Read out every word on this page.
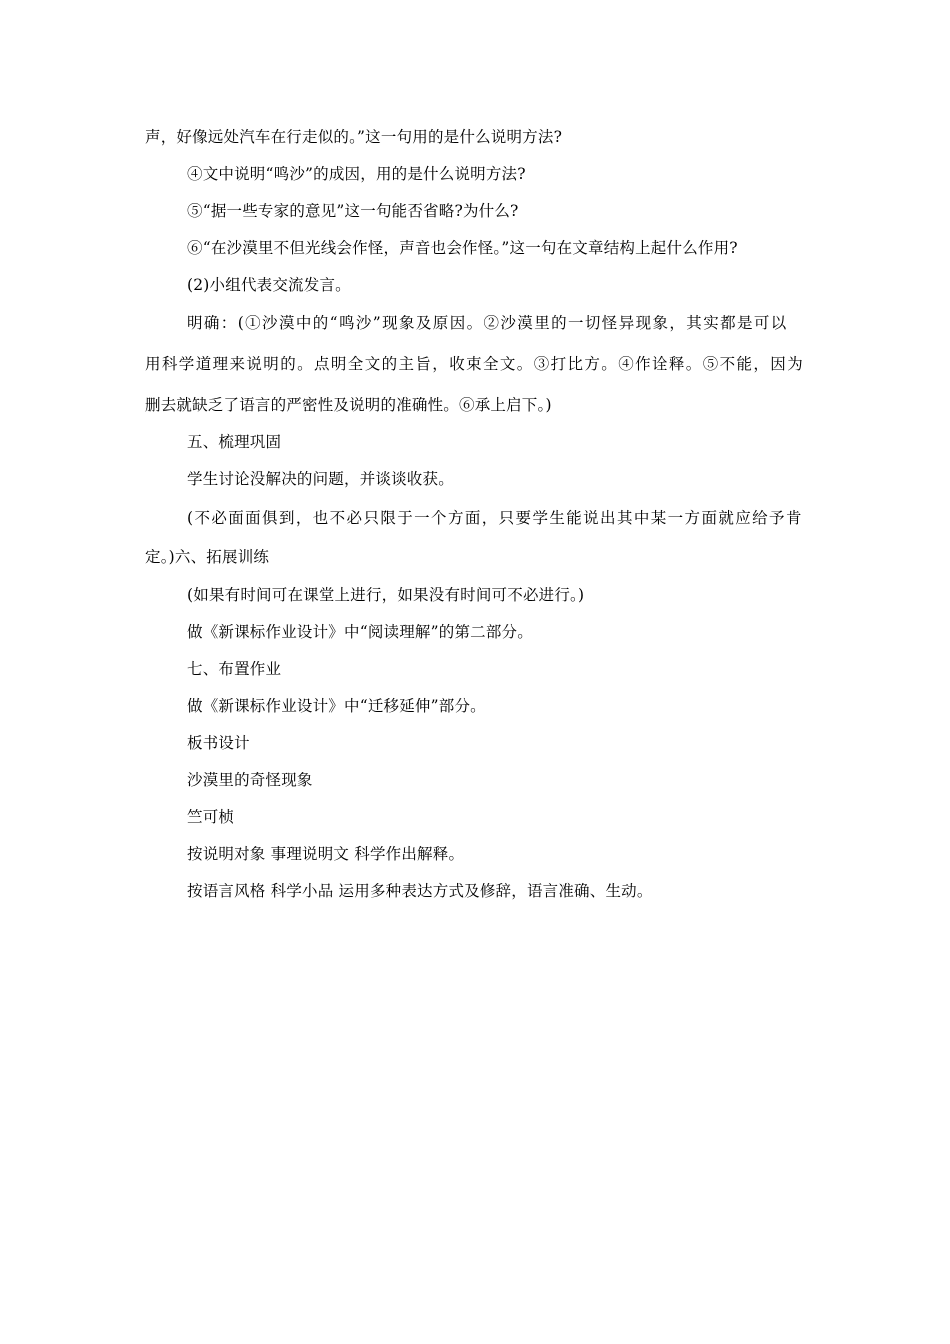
声，好像远处汽车在行走似的。”这一句用的是什么说明方法?
④文中说明“鸣沙”的成因，用的是什么说明方法?
⑤“据一些专家的意见”这一句能否省略?为什么?
⑥“在沙漠里不但光线会作怪，声音也会作怪。”这一句在文章结构上起什么作用?
(2)小组代表交流发言。
明确：(①沙漠中的“鸣沙”现象及原因。②沙漠里的一切怪异现象，其实都是可以
用科学道理来说明的。点明全文的主旨，收束全文。③打比方。④作诠释。⑤不能，因为
删去就缺乏了语言的严密性及说明的准确性。⑥承上启下。)
五、梳理巩固
学生讨论没解决的问题，并谈谈收获。
(不必面面俱到，也不必只限于一个方面，只要学生能说出其中某一方面就应给予肯
定。)六、拓展训练
(如果有时间可在课堂上进行，如果没有时间可不必进行。)
做《新课标作业设计》中“阅读理解”的第二部分。
七、布置作业
做《新课标作业设计》中“迁移延伸”部分。
板书设计
沙漠里的奇怪现象
竺可桢
按说明对象 事理说明文 科学作出解释。
按语言风格 科学小品 运用多种表达方式及修辞，语言准确、生动。
